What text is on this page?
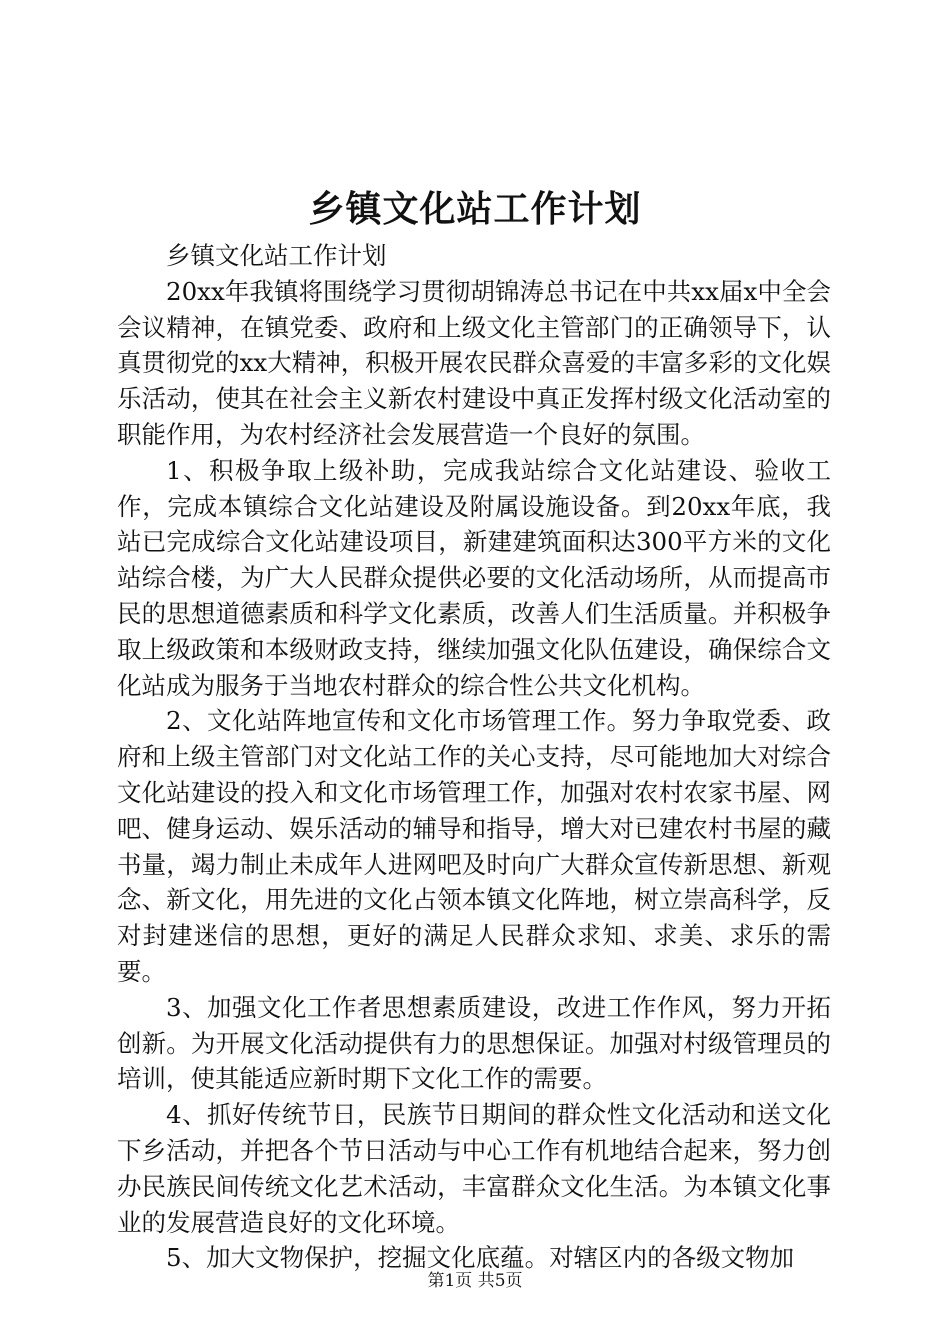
乡镇文化站工作计划

乡镇文化站工作计划

20xx年我镇将围绕学习贯彻胡锦涛总书记在中共xx届x中全会会议精神，在镇党委、政府和上级文化主管部门的正确领导下，认真贯彻党的xx大精神，积极开展农民群众喜爱的丰富多彩的文化娱乐活动，使其在社会主义新农村建设中真正发挥村级文化活动室的职能作用，为农村经济社会发展营造一个良好的氛围。

1、积极争取上级补助，完成我站综合文化站建设、验收工作，完成本镇综合文化站建设及附属设施设备。到20xx年底，我站已完成综合文化站建设项目，新建建筑面积达300平方米的文化站综合楼，为广大人民群众提供必要的文化活动场所，从而提高市民的思想道德素质和科学文化素质，改善人们生活质量。并积极争取上级政策和本级财政支持，继续加强文化队伍建设，确保综合文化站成为服务于当地农村群众的综合性公共文化机构。

2、文化站阵地宣传和文化市场管理工作。努力争取党委、政府和上级主管部门对文化站工作的关心支持，尽可能地加大对综合文化站建设的投入和文化市场管理工作，加强对农村农家书屋、网吧、健身运动、娱乐活动的辅导和指导，增大对已建农村书屋的藏书量，竭力制止未成年人进网吧及时向广大群众宣传新思想、新观念、新文化，用先进的文化占领本镇文化阵地，树立崇高科学，反对封建迷信的思想，更好的满足人民群众求知、求美、求乐的需要。

3、加强文化工作者思想素质建设，改进工作作风，努力开拓创新。为开展文化活动提供有力的思想保证。加强对村级管理员的培训，使其能适应新时期下文化工作的需要。

4、抓好传统节日，民族节日期间的群众性文化活动和送文化下乡活动，并把各个节日活动与中心工作有机地结合起来，努力创办民族民间传统文化艺术活动，丰富群众文化生活。为本镇文化事业的发展营造良好的文化环境。

5、加大文物保护，挖掘文化底蕴。对辖区内的各级文物加

第1页 共5页
